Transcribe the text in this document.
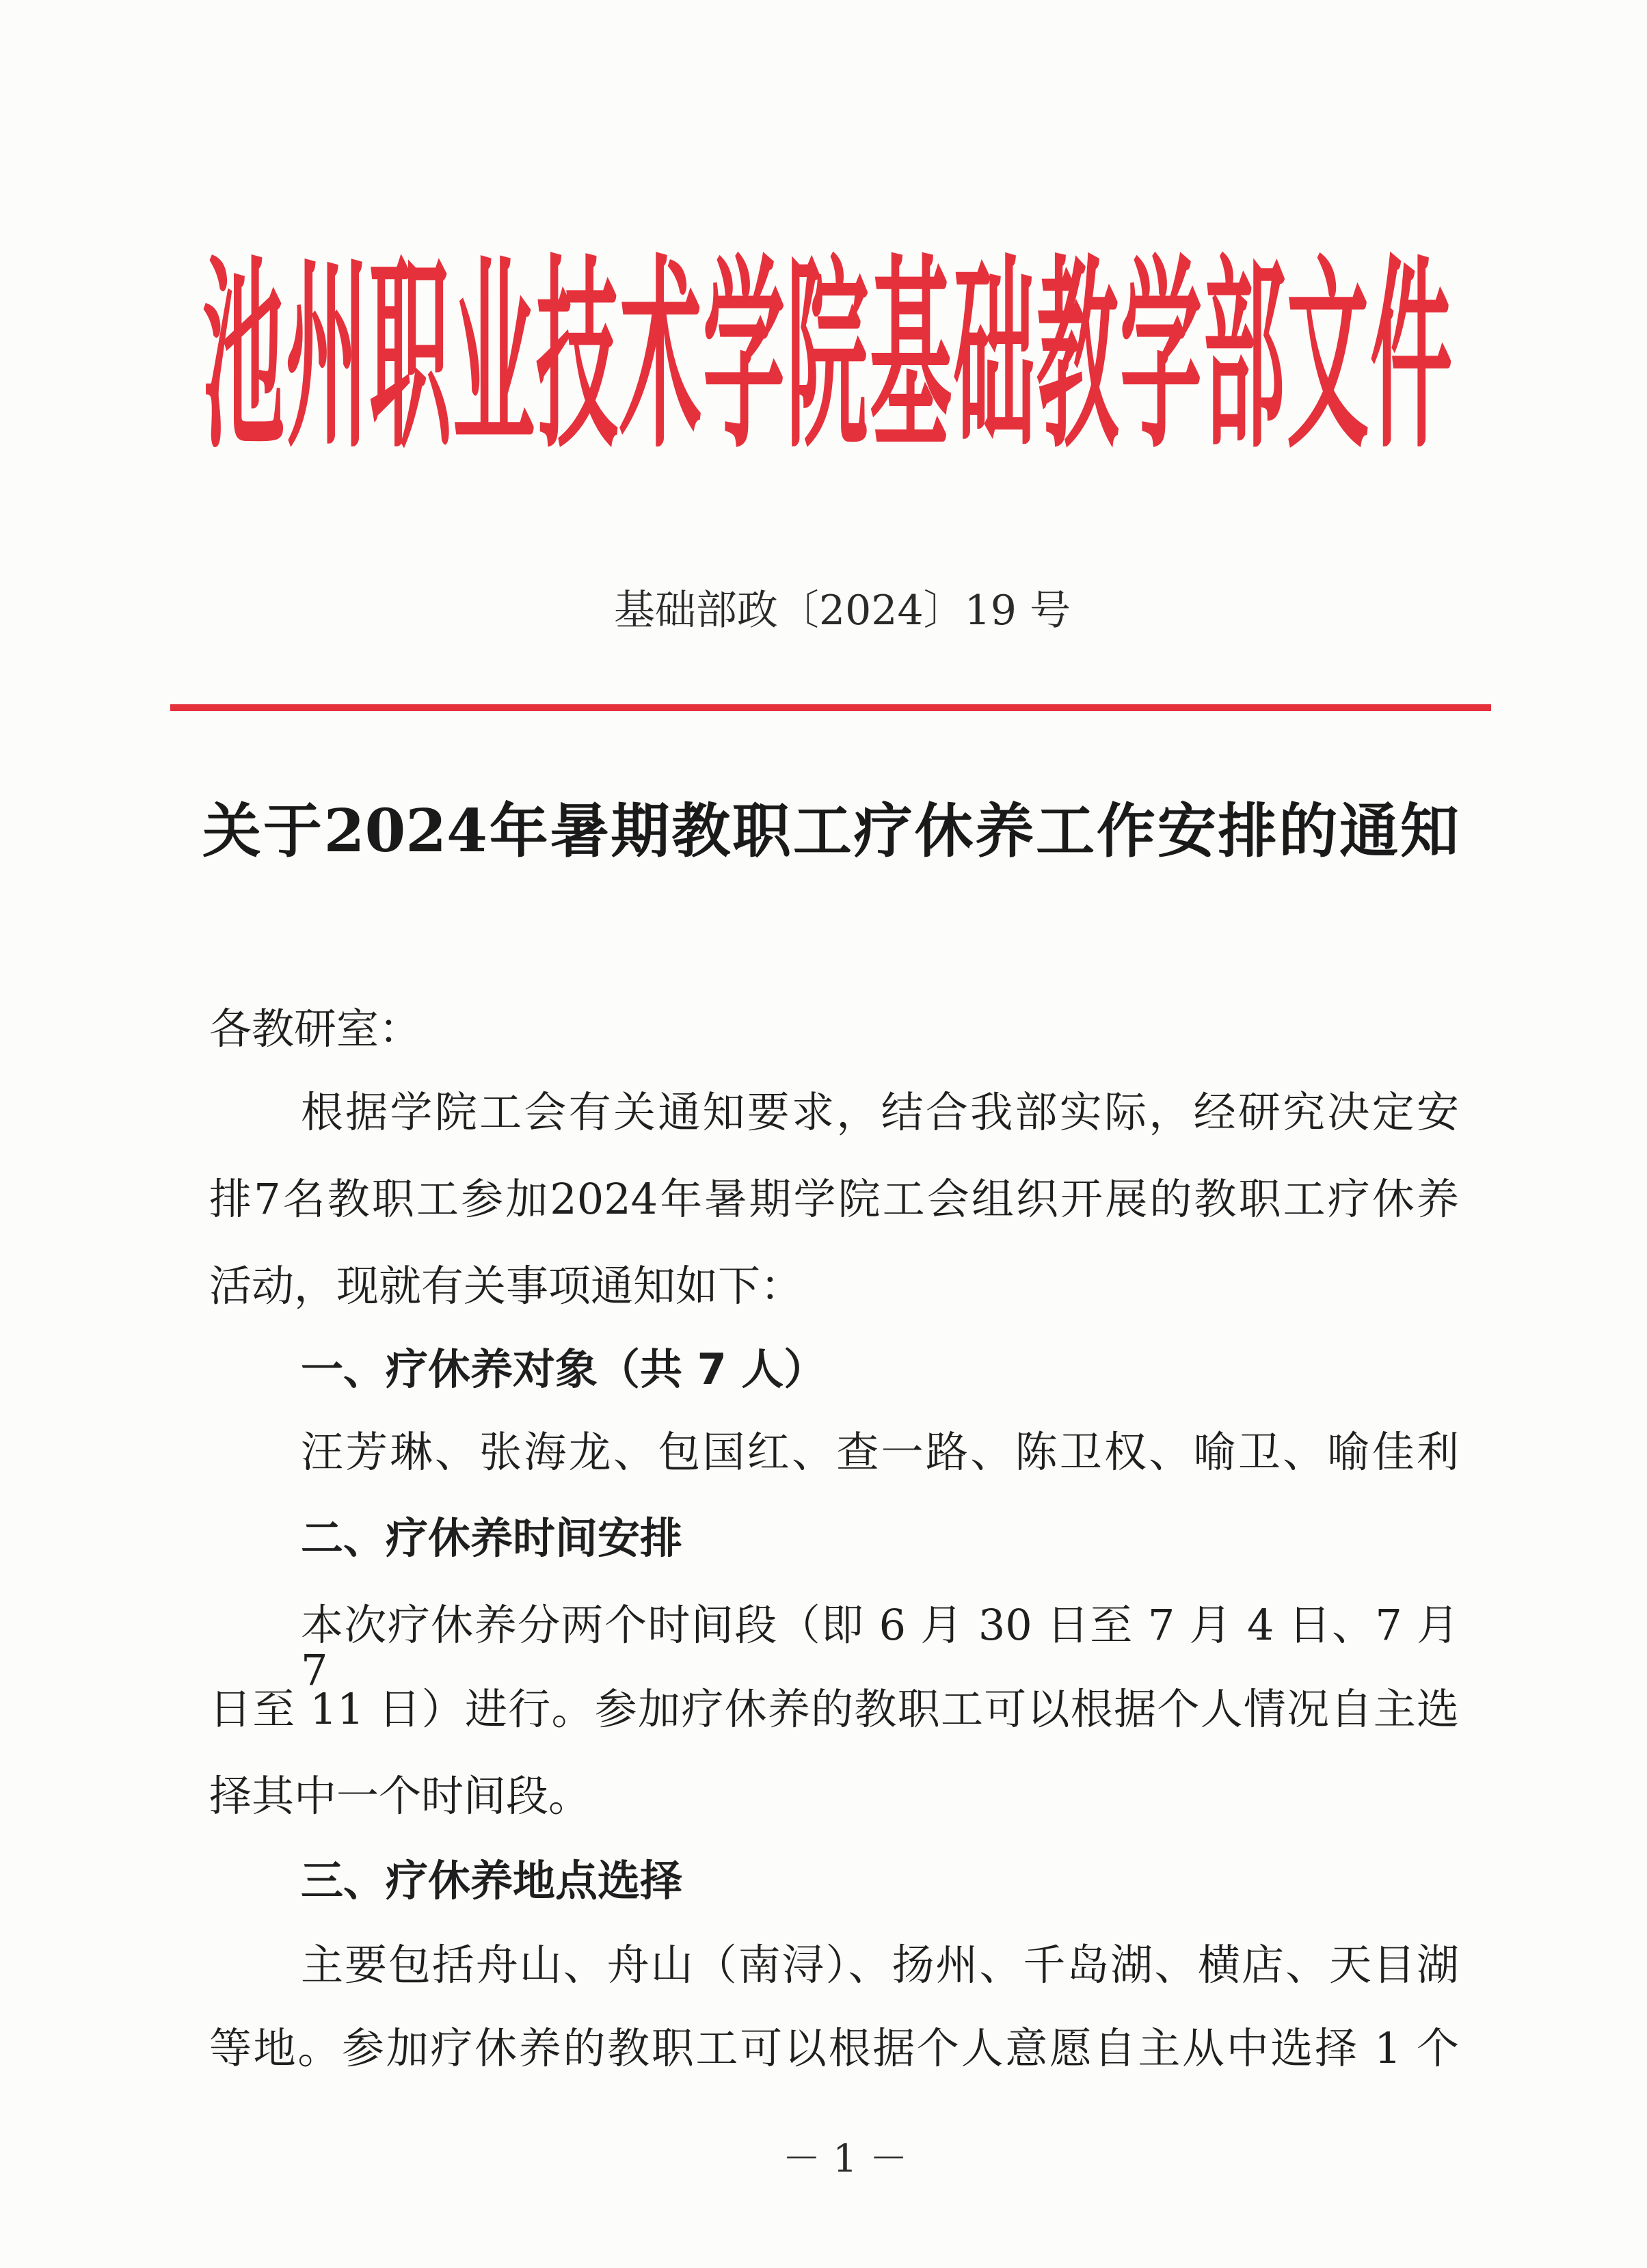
池州职业技术学院基础教学部文件
基础部政〔2024〕19 号
关于2024年暑期教职工疗休养工作安排的通知
各教研室：
根据学院工会有关通知要求，结合我部实际，经研究决定安
排7名教职工参加2024年暑期学院工会组织开展的教职工疗休养
活动，现就有关事项通知如下：
一、疗休养对象（共 7 人）
汪芳琳、张海龙、包国红、查一路、陈卫权、喻卫、喻佳利
二、疗休养时间安排
本次疗休养分两个时间段（即 6 月 30 日至 7 月 4 日、7 月 7
日至 11 日）进行。参加疗休养的教职工可以根据个人情况自主选
择其中一个时间段。
三、疗休养地点选择
主要包括舟山、舟山（南浔）、扬州、千岛湖、横店、天目湖
等地。参加疗休养的教职工可以根据个人意愿自主从中选择 1 个
－ 1 －
